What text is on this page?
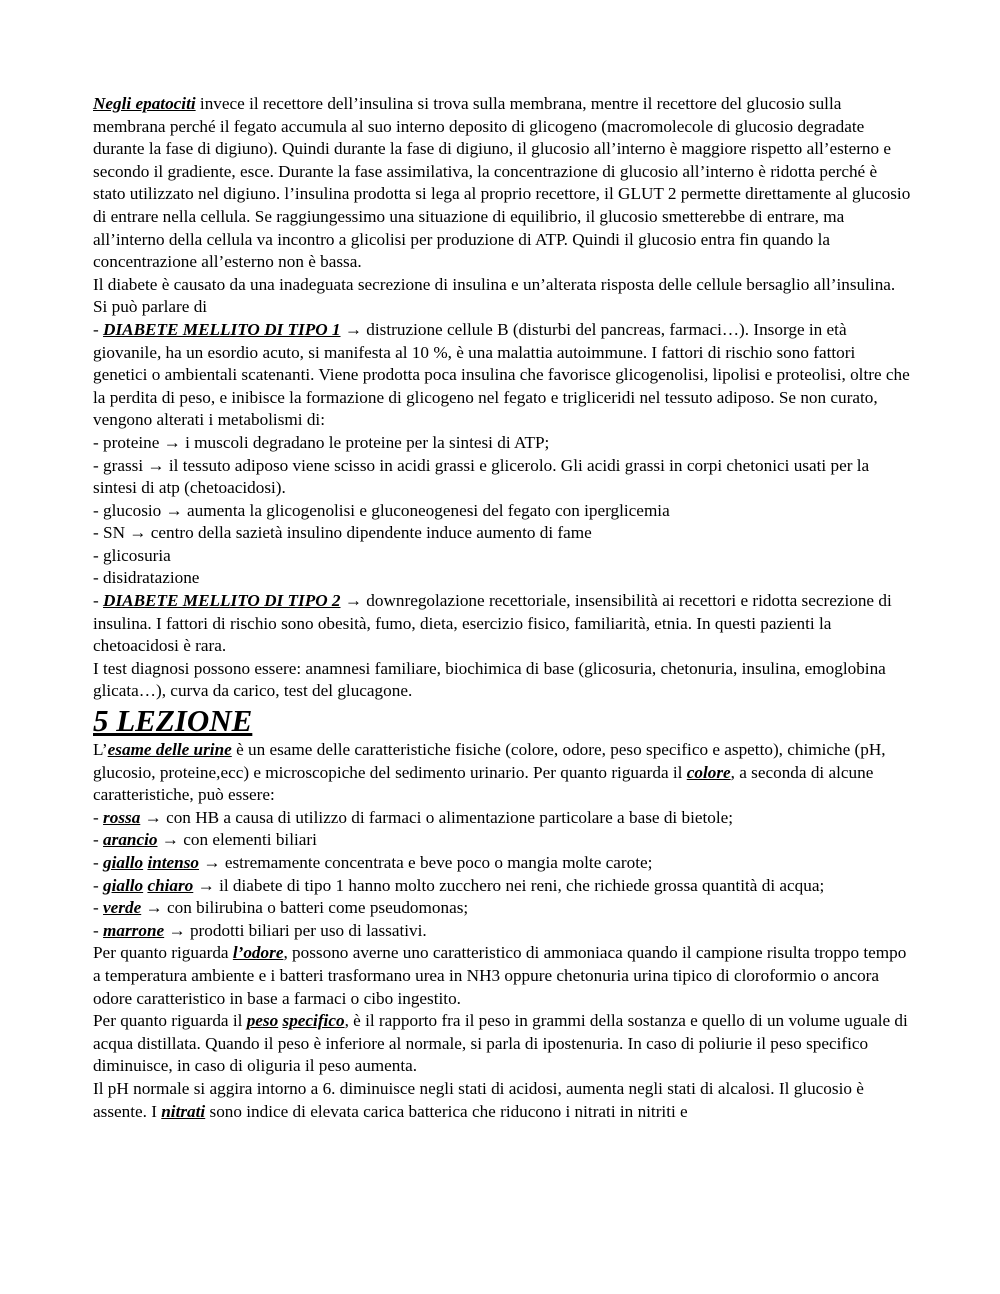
Negli epatociti invece il recettore dell’insulina si trova sulla membrana, mentre il recettore del glucosio sulla membrana perché il fegato accumula al suo interno deposito di glicogeno (macromolecole di glucosio degradate durante la fase di digiuno). Quindi durante la fase di digiuno, il glucosio all’interno è maggiore rispetto all’esterno e secondo il gradiente, esce. Durante la fase assimilativa, la concentrazione di glucosio all’interno è ridotta perché è stato utilizzato nel digiuno. l’insulina prodotta si lega al proprio recettore, il GLUT 2 permette direttamente al glucosio di entrare nella cellula. Se raggiungessimo una situazione di equilibrio, il glucosio smetterebbe di entrare, ma all’interno della cellula va incontro a glicolisi per produzione di ATP. Quindi il glucosio entra fin quando la concentrazione all’esterno non è bassa.

Il diabete è causato da una inadeguata secrezione di insulina e un’alterata risposta delle cellule bersaglio all’insulina. Si può parlare di

- DIABETE MELLITO DI TIPO 1 → distruzione cellule B (disturbi del pancreas, farmaci…). Insorge in età giovanile, ha un esordio acuto, si manifesta al 10 %, è una malattia autoimmune. I fattori di rischio sono fattori genetici o ambientali scatenanti. Viene prodotta poca insulina che favorisce glicogenolisi, lipolisi e proteolisi, oltre che la perdita di peso, e inibisce la formazione di glicogeno nel fegato e trigliceridi nel tessuto adiposo. Se non curato, vengono alterati i metabolismi di:

- proteine → i muscoli degradano le proteine per la sintesi di ATP;

- grassi → il tessuto adiposo viene scisso in acidi grassi e glicerolo. Gli acidi grassi in corpi chetonici usati per la sintesi di atp (chetoacidosi).

- glucosio → aumenta la glicogenolisi e gluconeogenesi del fegato con iperglicemia

- SN → centro della sazietà insulino dipendente induce aumento di fame

- glicosuria

- disidratazione

- DIABETE MELLITO DI TIPO 2 → downregolazione recettoriale, insensibilità ai recettori e ridotta secrezione di insulina. I fattori di rischio sono obesità, fumo, dieta, esercizio fisico, familiarità, etnia. In questi pazienti la chetoacidosi è rara.

I test diagnosi possono essere: anamnesi familiare, biochimica di base (glicosuria, chetonuria, insulina, emoglobina glicata…), curva da carico, test del glucagone.

5 LEZIONE

L’esame delle urine è un esame delle caratteristiche fisiche (colore, odore, peso specifico e aspetto), chimiche (pH, glucosio, proteine,ecc) e microscopiche del sedimento urinario. Per quanto riguarda il colore, a seconda di alcune caratteristiche, può essere:

- rossa → con HB a causa di utilizzo di farmaci o alimentazione particolare a base di bietole;

- arancio → con elementi biliari

- giallo intenso → estremamente concentrata e beve poco o mangia molte carote;

- giallo chiaro → il diabete di tipo 1 hanno molto zucchero nei reni, che richiede grossa quantità di acqua;

- verde → con bilirubina o batteri come pseudomonas;

- marrone → prodotti biliari per uso di lassativi.

Per quanto riguarda l’odore, possono averne uno caratteristico di ammoniaca quando il campione risulta troppo tempo a temperatura ambiente e i batteri trasformano urea in NH3 oppure chetonuria urina tipico di cloroformio o ancora odore caratteristico in base a farmaci o cibo ingestito.

Per quanto riguarda il peso specifico, è il rapporto fra il peso in grammi della sostanza e quello di un volume uguale di acqua distillata. Quando il peso è inferiore al normale, si parla di ipostenuria. In caso di poliurie il peso specifico diminuisce, in caso di oliguria il peso aumenta.

Il pH normale si aggira intorno a 6. diminuisce negli stati di acidosi, aumenta negli stati di alcalosi. Il glucosio è assente. I nitrati sono indice di elevata carica batterica che riducono i nitrati in nitriti e
